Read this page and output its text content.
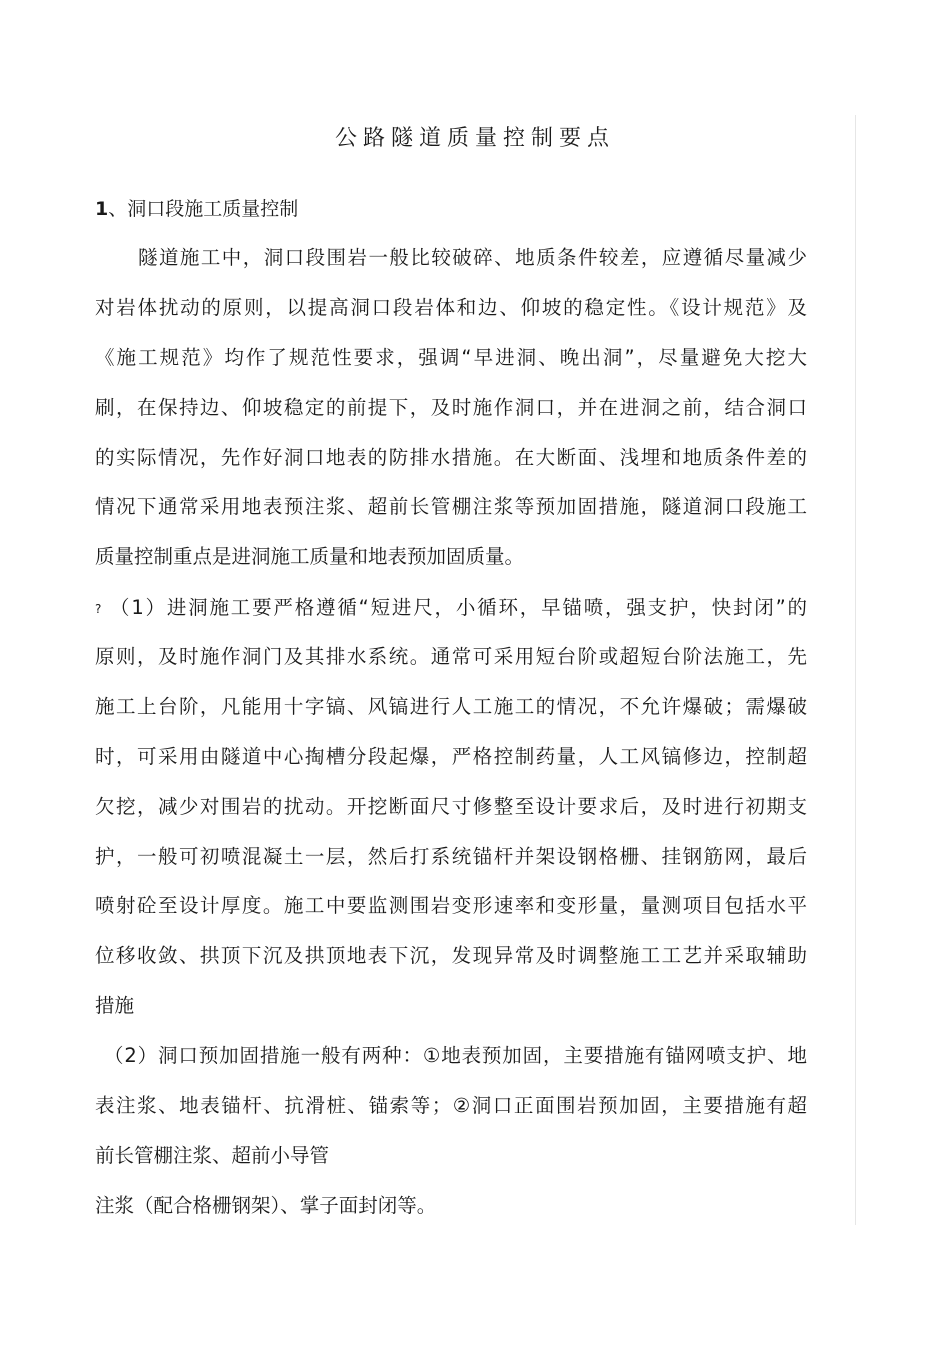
公路隧道质量控制要点
1、洞口段施工质量控制
隧道施工中，洞口段围岩一般比较破碎、地质条件较差，应遵循尽量减少
对岩体扰动的原则，以提高洞口段岩体和边、仰坡的稳定性。《设计规范》及
《施工规范》均作了规范性要求，强调“早进洞、晚出洞”，尽量避免大挖大
刷，在保持边、仰坡稳定的前提下，及时施作洞口，并在进洞之前，结合洞口
的实际情况，先作好洞口地表的防排水措施。在大断面、浅埋和地质条件差的
情况下通常采用地表预注浆、超前长管棚注浆等预加固措施，隧道洞口段施工
质量控制重点是进洞施工质量和地表预加固质量。
? （1）进洞施工要严格遵循“短进尺，小循环，早锚喷，强支护，快封闭”的
原则，及时施作洞门及其排水系统。通常可采用短台阶或超短台阶法施工，先
施工上台阶，凡能用十字镐、风镐进行人工施工的情况，不允许爆破；需爆破
时，可采用由隧道中心掏槽分段起爆，严格控制药量，人工风镐修边，控制超
欠挖，减少对围岩的扰动。开挖断面尺寸修整至设计要求后，及时进行初期支
护，一般可初喷混凝土一层，然后打系统锚杆并架设钢格栅、挂钢筋网，最后
喷射砼至设计厚度。施工中要监测围岩变形速率和变形量，量测项目包括水平
位移收敛、拱顶下沉及拱顶地表下沉，发现异常及时调整施工工艺并采取辅助
措施
（2）洞口预加固措施一般有两种：①地表预加固，主要措施有锚网喷支护、地
表注浆、地表锚杆、抗滑桩、锚索等；②洞口正面围岩预加固，主要措施有超
前长管棚注浆、超前小导管
注浆（配合格栅钢架）、掌子面封闭等。
